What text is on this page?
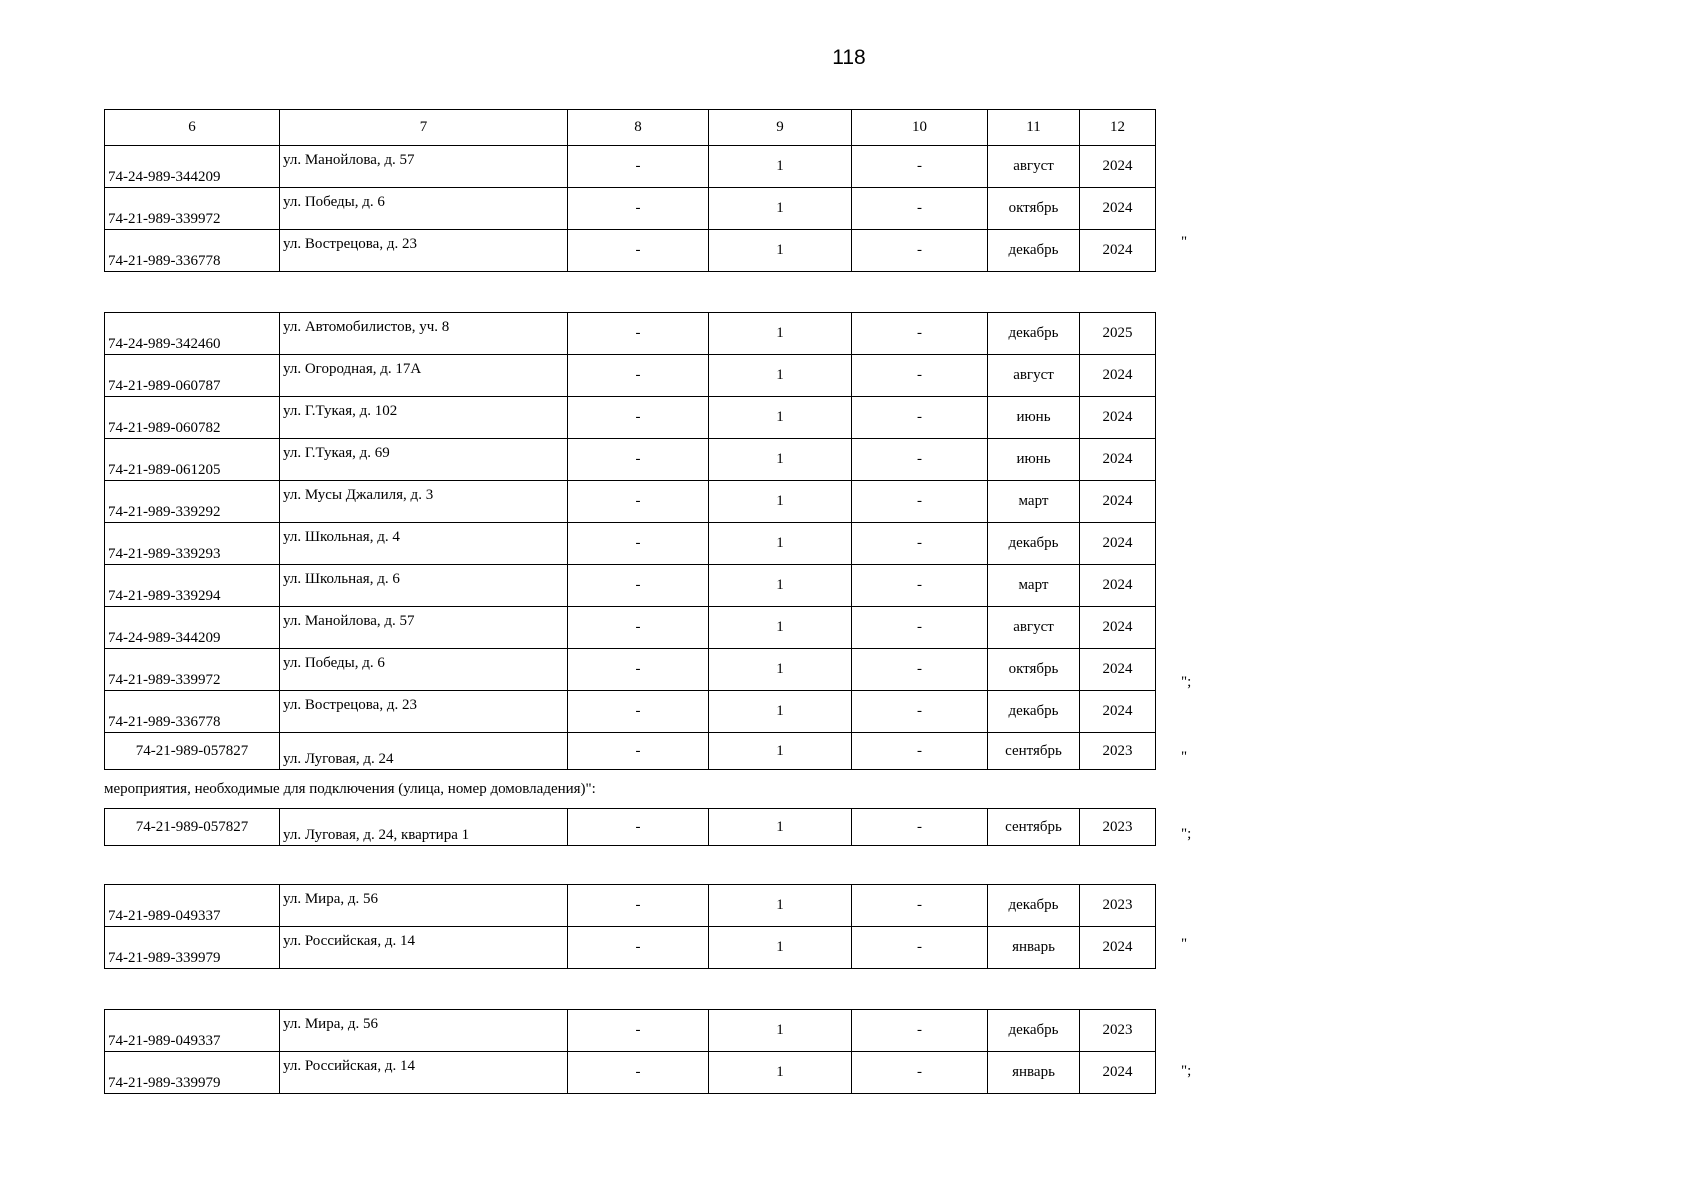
118
6	7	8	9	10	11	12
74-24-989-344209	ул. Манойлова, д. 57	-	1	-	август	2024
74-21-989-339972	ул. Победы, д. 6	-	1	-	октябрь	2024
74-21-989-336778	ул. Вострецова, д. 23	-	1	-	декабрь	2024	"
74-24-989-342460	ул. Автомобилистов, уч. 8	-	1	-	декабрь	2025
74-21-989-060787	ул. Огородная, д. 17А	-	1	-	август	2024
74-21-989-060782	ул. Г.Тукая, д. 102	-	1	-	июнь	2024
74-21-989-061205	ул. Г.Тукая, д. 69	-	1	-	июнь	2024
74-21-989-339292	ул. Мусы Джалиля, д. 3	-	1	-	март	2024
74-21-989-339293	ул. Школьная, д. 4	-	1	-	декабрь	2024
74-21-989-339294	ул. Школьная, д. 6	-	1	-	март	2024
74-24-989-344209	ул. Манойлова, д. 57	-	1	-	август	2024
74-21-989-339972	ул. Победы, д. 6	-	1	-	октябрь	2024
74-21-989-336778	ул. Вострецова, д. 23	-	1	-	декабрь	2024
";
74-21-989-057827	ул. Луговая, д. 24	-	1	-	сентябрь	2023	"
мероприятия, необходимые для подключения (улица, номер домовладения)":
74-21-989-057827	ул. Луговая, д. 24, квартира 1	-	1	-	сентябрь	2023	";
74-21-989-049337	ул. Мира, д. 56	-	1	-	декабрь	2023
74-21-989-339979	ул. Российская, д. 14	-	1	-	январь	2024	"
74-21-989-049337	ул. Мира, д. 56	-	1	-	декабрь	2023
74-21-989-339979	ул. Российская, д. 14	-	1	-	январь	2024	";
